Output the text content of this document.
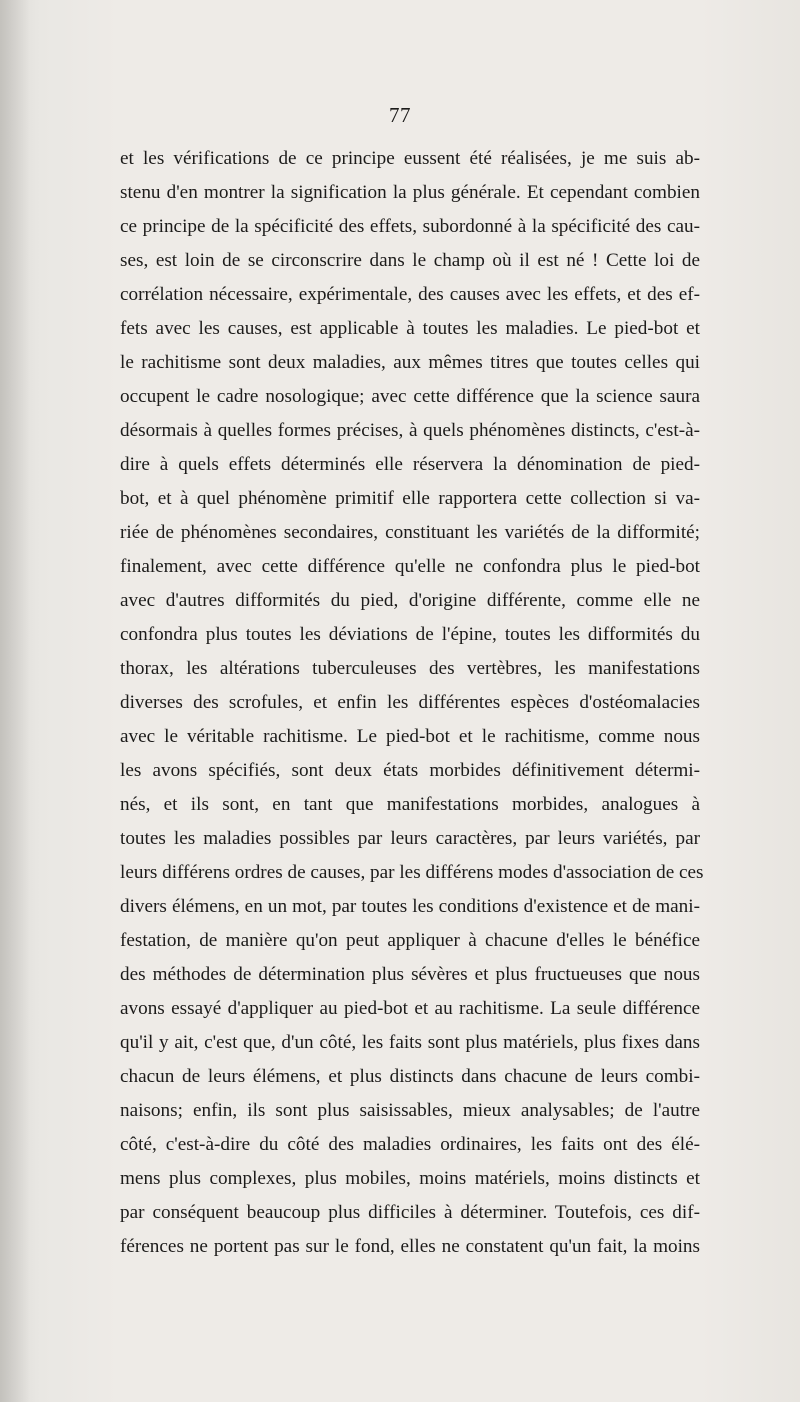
77
et les vérifications de ce principe eussent été réalisées, je me suis ab-
stenu d'en montrer la signification la plus générale. Et cependant combien
ce principe de la spécificité des effets, subordonné à la spécificité des cau-
ses, est loin de se circonscrire dans le champ où il est né ! Cette loi de
corrélation nécessaire, expérimentale, des causes avec les effets, et des ef-
fets avec les causes, est applicable à toutes les maladies. Le pied-bot et
le rachitisme sont deux maladies, aux mêmes titres que toutes celles qui
occupent le cadre nosologique; avec cette différence que la science saura
désormais à quelles formes précises, à quels phénomènes distincts, c'est-à-
dire à quels effets déterminés elle réservera la dénomination de pied-
bot, et à quel phénomène primitif elle rapportera cette collection si va-
riée de phénomènes secondaires, constituant les variétés de la difformité;
finalement, avec cette différence qu'elle ne confondra plus le pied-bot
avec d'autres difformités du pied, d'origine différente, comme elle ne
confondra plus toutes les déviations de l'épine, toutes les difformités du
thorax, les altérations tuberculeuses des vertèbres, les manifestations
diverses des scrofules, et enfin les différentes espèces d'ostéomalacies
avec le véritable rachitisme. Le pied-bot et le rachitisme, comme nous
les avons spécifiés, sont deux états morbides définitivement détermi-
nés, et ils sont, en tant que manifestations morbides, analogues à
toutes les maladies possibles par leurs caractères, par leurs variétés, par
leurs différens ordres de causes, par les différens modes d'association de ces
divers élémens, en un mot, par toutes les conditions d'existence et de mani-
festation, de manière qu'on peut appliquer à chacune d'elles le bénéfice
des méthodes de détermination plus sévères et plus fructueuses que nous
avons essayé d'appliquer au pied-bot et au rachitisme. La seule différence
qu'il y ait, c'est que, d'un côté, les faits sont plus matériels, plus fixes dans
chacun de leurs élémens, et plus distincts dans chacune de leurs combi-
naisons; enfin, ils sont plus saisissables, mieux analysables; de l'autre
côté, c'est-à-dire du côté des maladies ordinaires, les faits ont des élé-
mens plus complexes, plus mobiles, moins matériels, moins distincts et
par conséquent beaucoup plus difficiles à déterminer. Toutefois, ces dif-
férences ne portent pas sur le fond, elles ne constatent qu'un fait, la moins
